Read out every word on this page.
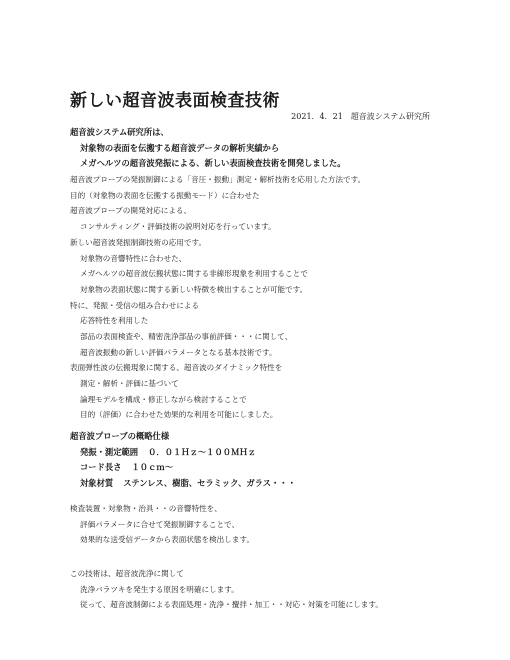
新しい超音波表面検査技術
2021．4．21　超音波システム研究所
超音波システム研究所は、
対象物の表面を伝搬する超音波データの解析実績から
メガヘルツの超音波発振による、新しい表面検査技術を開発しました。
超音波プローブの発振制御による「音圧・振動」測定・解析技術を応用した方法です。
目的（対象物の表面を伝搬する振動モード）に合わせた
超音波プローブの開発対応による、
コンサルティング・評価技術の説明対応を行っています。
新しい超音波発振制御技術の応用です。
対象物の音響特性に合わせた、
メガヘルツの超音波伝搬状態に関する非線形現象を利用することで
対象物の表面状態に関する新しい特徴を検出することが可能です。
特に、発振・受信の組み合わせによる
応答特性を利用した
部品の表面検査や、精密洗浄部品の事前評価・・・に関して、
超音波振動の新しい評価パラメータとなる基本技術です。
表面弾性波の伝搬現象に関する、超音波のダイナミック特性を
測定・解析・評価に基づいて
論理モデルを構成・修正しながら検討することで
目的（評価）に合わせた効果的な利用を可能にしました。
超音波プローブの概略仕様
発振・測定範囲 ０．０１Ｈｚ～１００ＭＨｚ
コード長さ １０ｃｍ～
対象材質 ステンレス、樹脂、セラミック、ガラス・・・
検査装置・対象物・治具・・の音響特性を、
評価パラメータに合せて発振制御することで、
効果的な送受信データから表面状態を検出します。
この技術は、超音波洗浄に関して
洗浄バラツキを発生する原因を明確にします。
従って、超音波制御による表面処理・洗浄・攪拌・加工・・対応・対策を可能にします。
